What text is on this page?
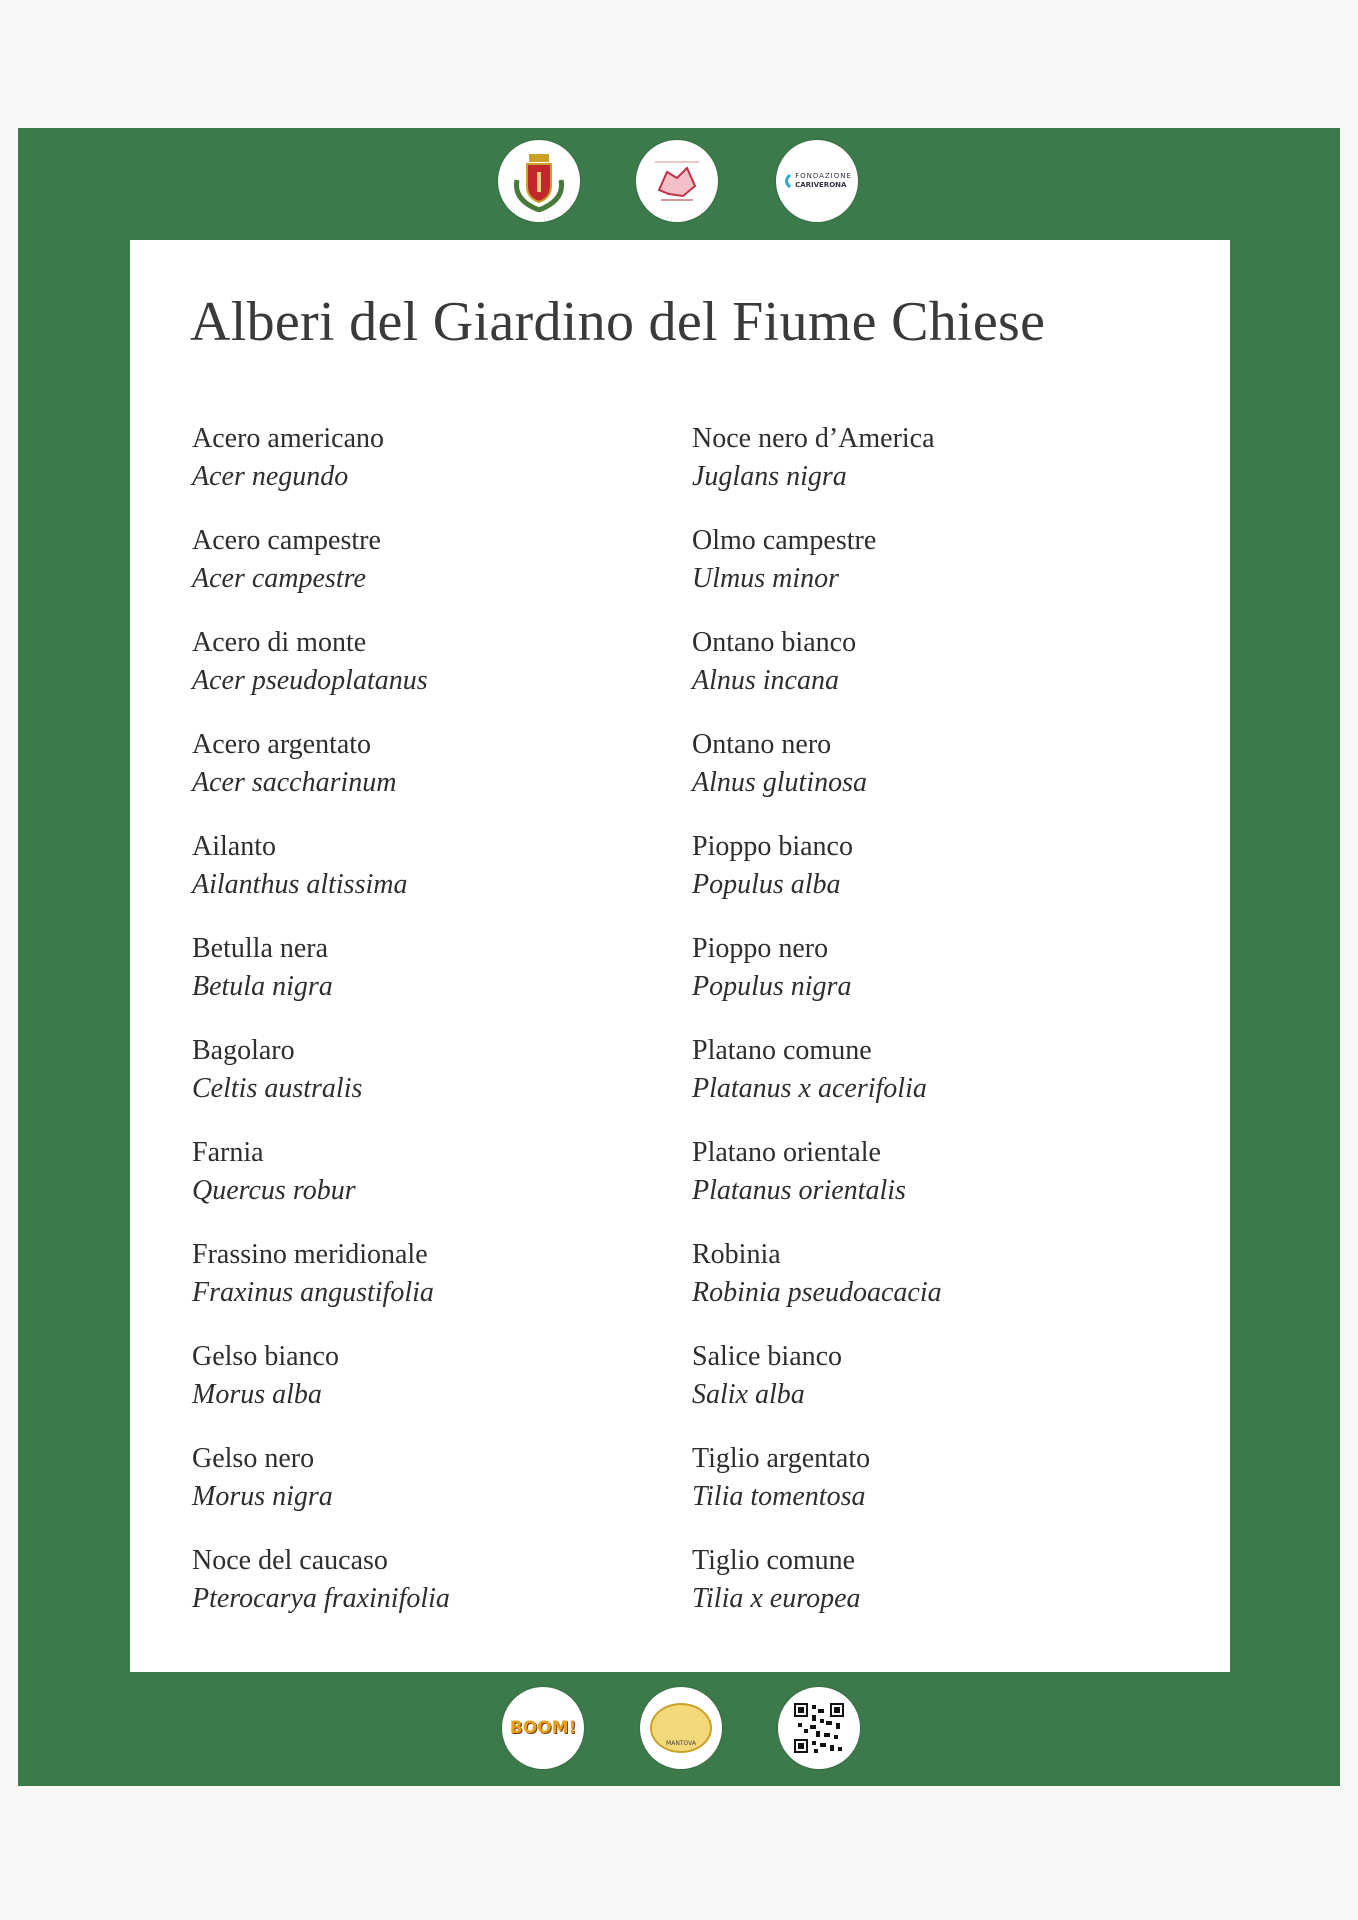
FONDAZIONE
CARIVERONA
Alberi del Giardino del Fiume Chiese
Acero americano
Acer negundo
Acero campestre
Acer campestre
Acero di monte
Acer pseudoplatanus
Acero argentato
Acer saccharinum
Ailanto
Ailanthus altissima
Betulla nera
Betula nigra
Bagolaro
Celtis australis
Farnia
Quercus robur
Frassino meridionale
Fraxinus angustifolia
Gelso bianco
Morus alba
Gelso nero
Morus nigra
Noce del caucaso
Pterocarya fraxinifolia
Noce nero d’America
Juglans nigra
Olmo campestre
Ulmus minor
Ontano bianco
Alnus incana
Ontano nero
Alnus glutinosa
Pioppo bianco
Populus alba
Pioppo nero
Populus nigra
Platano comune
Platanus x acerifolia
Platano orientale
Platanus orientalis
Robinia
Robinia pseudoacacia
Salice bianco
Salix alba
Tiglio argentato
Tilia tomentosa
Tiglio comune
Tilia x europea
BOOM!
MANTOVA
